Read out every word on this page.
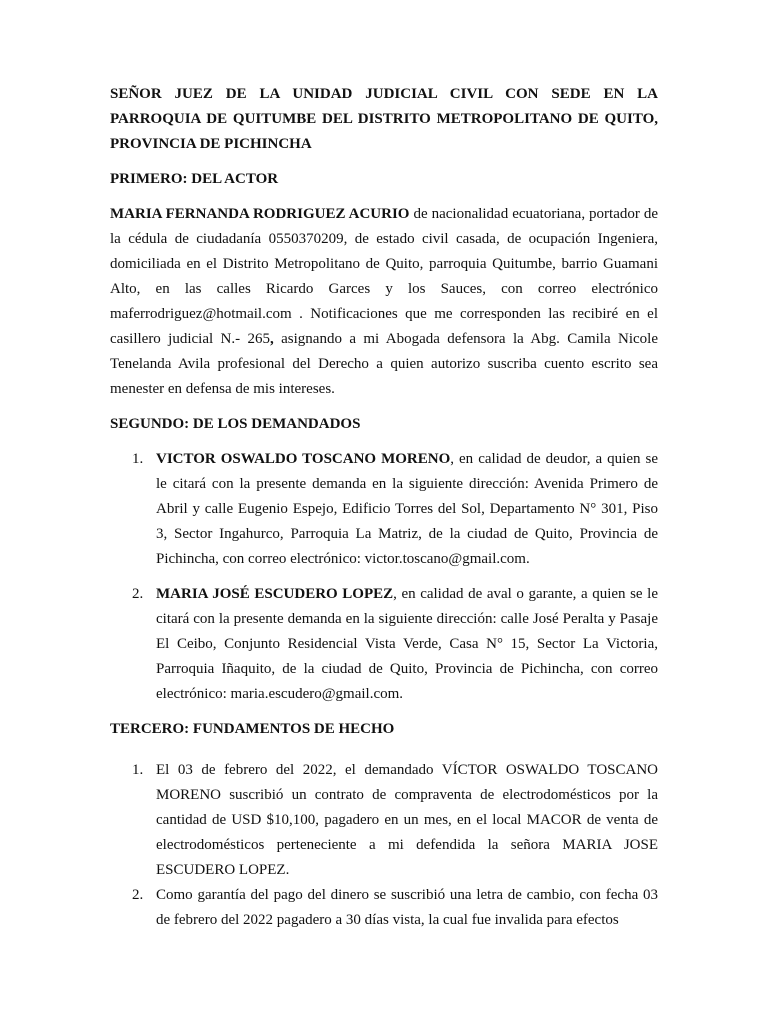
SEÑOR JUEZ DE LA UNIDAD JUDICIAL CIVIL CON SEDE EN LA PARROQUIA DE QUITUMBE DEL DISTRITO METROPOLITANO DE QUITO, PROVINCIA DE PICHINCHA

PRIMERO: DEL ACTOR

MARIA FERNANDA RODRIGUEZ ACURIO de nacionalidad ecuatoriana, portador de la cédula de ciudadanía 0550370209, de estado civil casada, de ocupación Ingeniera, domiciliada en el Distrito Metropolitano de Quito, parroquia Quitumbe, barrio Guamani Alto, en las calles Ricardo Garces y los Sauces, con correo electrónico maferrodriguez@hotmail.com . Notificaciones que me corresponden las recibiré en el casillero judicial N.- 265, asignando a mi Abogada defensora la Abg. Camila Nicole Tenelanda Avila profesional del Derecho a quien autorizo suscriba cuento escrito sea menester en defensa de mis intereses.

SEGUNDO: DE LOS DEMANDADOS

1. VICTOR OSWALDO TOSCANO MORENO, en calidad de deudor, a quien se le citará con la presente demanda en la siguiente dirección: Avenida Primero de Abril y calle Eugenio Espejo, Edificio Torres del Sol, Departamento N° 301, Piso 3, Sector Ingahurco, Parroquia La Matriz, de la ciudad de Quito, Provincia de Pichincha, con correo electrónico: victor.toscano@gmail.com.
2. MARIA JOSÉ ESCUDERO LOPEZ, en calidad de aval o garante, a quien se le citará con la presente demanda en la siguiente dirección: calle José Peralta y Pasaje El Ceibo, Conjunto Residencial Vista Verde, Casa N° 15, Sector La Victoria, Parroquia Iñaquito, de la ciudad de Quito, Provincia de Pichincha, con correo electrónico: maria.escudero@gmail.com.

TERCERO: FUNDAMENTOS DE HECHO

1. El 03 de febrero del 2022, el demandado VÍCTOR OSWALDO TOSCANO MORENO suscribió un contrato de compraventa de electrodomésticos por la cantidad de USD $10,100, pagadero en un mes, en el local MACOR de venta de electrodomésticos perteneciente a mi defendida la señora MARIA JOSE ESCUDERO LOPEZ.
2. Como garantía del pago del dinero se suscribió una letra de cambio, con fecha 03 de febrero del 2022 pagadero a 30 días vista, la cual fue invalida para efectos
